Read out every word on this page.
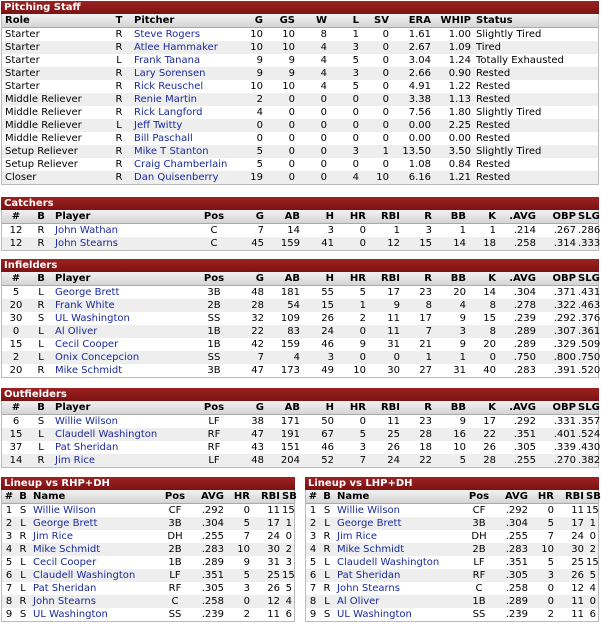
Pitching Staff
Role	T	Pitcher	G	GS	W	L	SV	ERA	WHIP	Status
Starter	R	Steve Rogers	10	10	8	1	0	1.61	1.00	Slightly Tired
Starter	R	Atlee Hammaker	10	10	4	3	0	2.67	1.09	Tired
Starter	L	Frank Tanana	9	9	4	5	0	3.04	1.24	Totally Exhausted
Starter	R	Lary Sorensen	9	9	4	3	0	2.66	0.90	Rested
Starter	R	Rick Reuschel	10	10	4	5	0	4.91	1.22	Rested
Middle Reliever	R	Renie Martin	2	0	0	0	0	3.38	1.13	Rested
Middle Reliever	R	Rick Langford	4	0	0	0	0	7.56	1.80	Slightly Tired
Middle Reliever	L	Jeff Twitty	0	0	0	0	0	0.00	2.25	Rested
Middle Reliever	R	Bill Paschall	0	0	0	0	0	0.00	0.00	Rested
Setup Reliever	R	Mike T Stanton	5	0	0	3	1	13.50	3.50	Slightly Tired
Setup Reliever	R	Craig Chamberlain	5	0	0	0	0	1.08	0.84	Rested
Closer	R	Dan Quisenberry	19	0	0	4	10	6.16	1.21	Rested
Catchers
#	B	Player	Pos	G	AB	H	HR	RBI	R	BB	K	.AVG	OBP	SLG
12	R	John Wathan	C	7	14	3	0	1	3	1	1	.214	.267	.286
12	R	John Stearns	C	45	159	41	0	12	15	14	18	.258	.314	.333
Infielders
#	B	Player	Pos	G	AB	H	HR	RBI	R	BB	K	.AVG	OBP	SLG
5	L	George Brett	3B	48	181	55	5	17	23	20	14	.304	.371	.431
20	R	Frank White	2B	28	54	15	1	9	8	4	8	.278	.322	.463
30	S	UL Washington	SS	32	109	26	2	11	17	9	15	.239	.292	.376
0	L	Al Oliver	1B	22	83	24	0	11	7	3	8	.289	.307	.361
15	L	Cecil Cooper	1B	42	159	46	9	31	21	9	20	.289	.329	.509
2	L	Onix Concepcion	SS	7	4	3	0	0	1	1	0	.750	.800	.750
20	R	Mike Schmidt	3B	47	173	49	10	30	27	31	40	.283	.391	.520
Outfielders
#	B	Player	Pos	G	AB	H	HR	RBI	R	BB	K	.AVG	OBP	SLG
6	S	Willie Wilson	LF	38	171	50	0	11	23	9	17	.292	.331	.357
15	L	Claudell Washington	RF	47	191	67	5	25	28	16	22	.351	.401	.524
37	L	Pat Sheridan	RF	43	151	46	3	26	18	10	26	.305	.339	.430
14	R	Jim Rice	LF	48	204	52	7	24	22	5	28	.255	.270	.382
Lineup vs RHP+DH
#	B	Name	Pos	AVG	HR	RBI	SB
1	S	Willie Wilson	CF	.292	0	11	15
2	L	George Brett	3B	.304	5	17	1
3	R	Jim Rice	DH	.255	7	24	0
4	R	Mike Schmidt	2B	.283	10	30	2
5	L	Cecil Cooper	1B	.289	9	31	3
6	L	Claudell Washington	LF	.351	5	25	15
7	L	Pat Sheridan	RF	.305	3	26	5
8	R	John Stearns	C	.258	0	12	4
9	S	UL Washington	SS	.239	2	11	6
Lineup vs LHP+DH
#	B	Name	Pos	AVG	HR	RBI	SB
1	S	Willie Wilson	CF	.292	0	11	15
2	L	George Brett	3B	.304	5	17	1
3	R	Jim Rice	DH	.255	7	24	0
4	R	Mike Schmidt	2B	.283	10	30	2
5	L	Claudell Washington	LF	.351	5	25	15
6	L	Pat Sheridan	RF	.305	3	26	5
7	R	John Stearns	C	.258	0	12	4
8	L	Al Oliver	1B	.289	0	11	0
9	S	UL Washington	SS	.239	2	11	6
